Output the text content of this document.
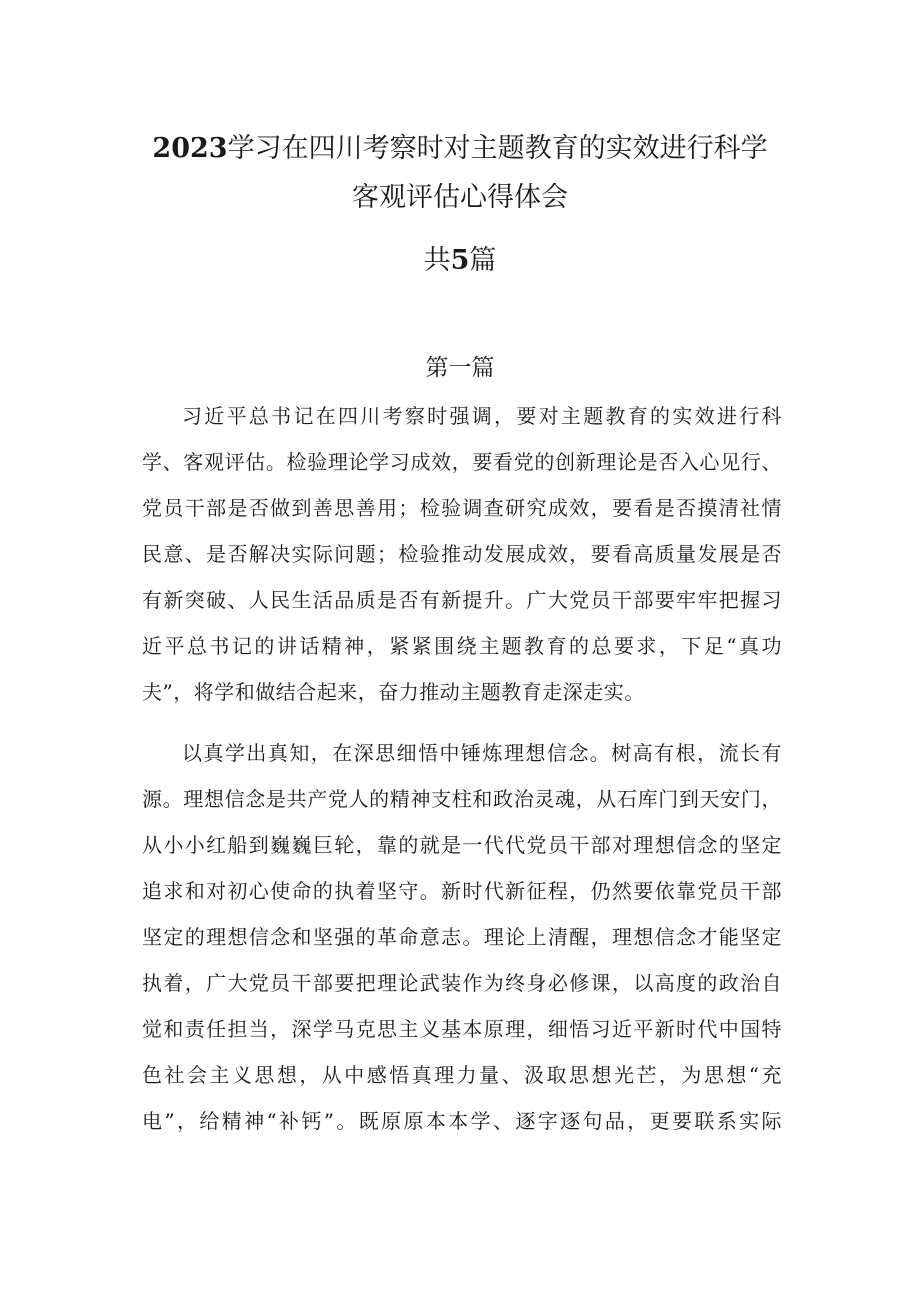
2023学习在四川考察时对主题教育的实效进行科学
客观评估心得体会
共5篇
第一篇
习近平总书记在四川考察时强调，要对主题教育的实效进行科
学、客观评估。检验理论学习成效，要看党的创新理论是否入心见行、
党员干部是否做到善思善用；检验调查研究成效，要看是否摸清社情
民意、是否解决实际问题；检验推动发展成效，要看高质量发展是否
有新突破、人民生活品质是否有新提升。广大党员干部要牢牢把握习
近平总书记的讲话精神，紧紧围绕主题教育的总要求，下足“真功
夫”，将学和做结合起来，奋力推动主题教育走深走实。
以真学出真知，在深思细悟中锤炼理想信念。树高有根，流长有
源。理想信念是共产党人的精神支柱和政治灵魂，从石库门到天安门，
从小小红船到巍巍巨轮，靠的就是一代代党员干部对理想信念的坚定
追求和对初心使命的执着坚守。新时代新征程，仍然要依靠党员干部
坚定的理想信念和坚强的革命意志。理论上清醒，理想信念才能坚定
执着，广大党员干部要把理论武装作为终身必修课，以高度的政治自
觉和责任担当，深学马克思主义基本原理，细悟习近平新时代中国特
色社会主义思想，从中感悟真理力量、汲取思想光芒，为思想“充
电”，给精神“补钙”。既原原本本学、逐字逐句品，更要联系实际
